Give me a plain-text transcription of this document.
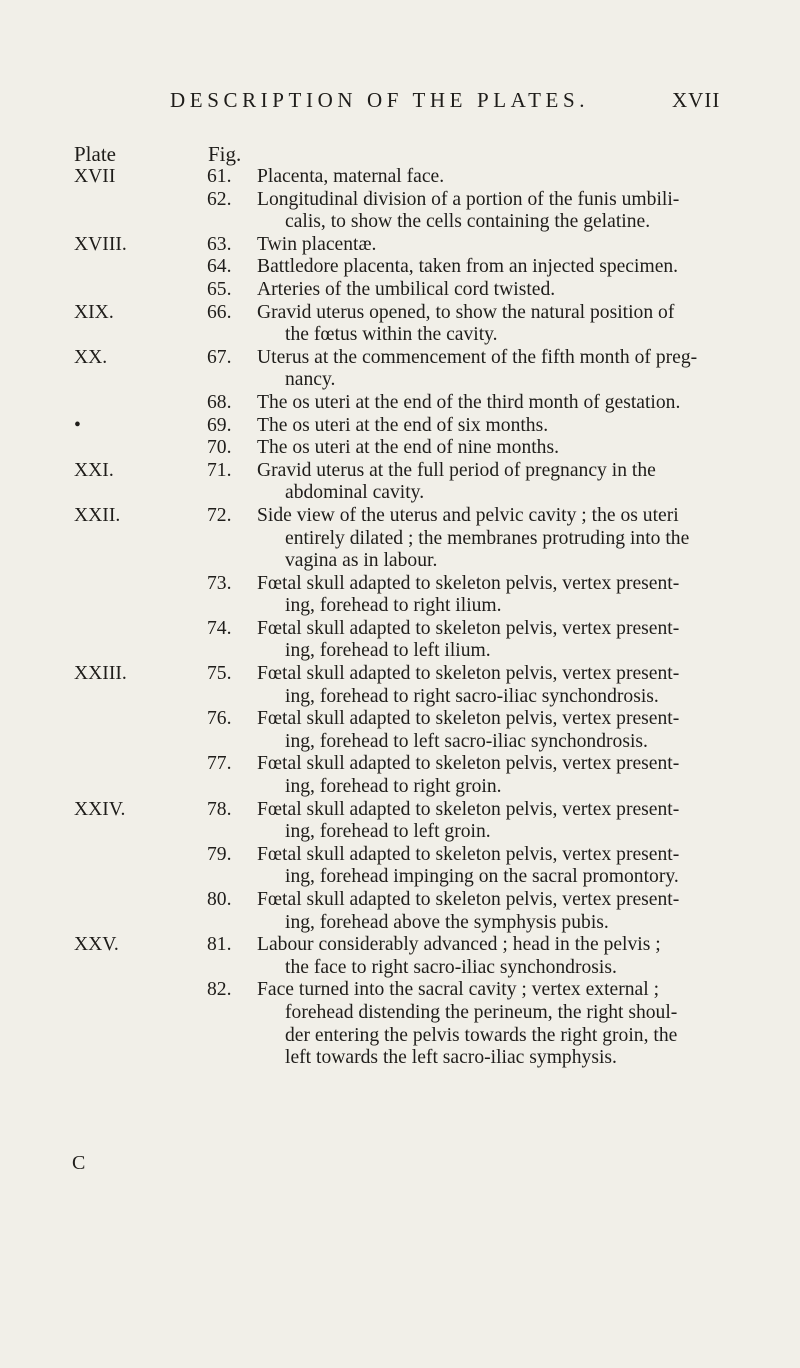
DESCRIPTION OF THE PLATES.	XVII
Plate	Fig.
XVII	61. Placenta, maternal face.
62. Longitudinal division of a portion of the funis umbili-
calis, to show the cells containing the gelatine.
XVIII.	63. Twin placentæ.
64. Battledore placenta, taken from an injected specimen.
65. Arteries of the umbilical cord twisted.
XIX.	66. Gravid uterus opened, to show the natural position of
the fœtus within the cavity.
XX.	67. Uterus at the commencement of the fifth month of preg-
nancy.
68. The os uteri at the end of the third month of gestation.
•	69. The os uteri at the end of six months.
70. The os uteri at the end of nine months.
XXI.	71. Gravid uterus at the full period of pregnancy in the
abdominal cavity.
XXII.	72. Side view of the uterus and pelvic cavity ; the os uteri
entirely dilated ; the membranes protruding into the
vagina as in labour.
73. Fœtal skull adapted to skeleton pelvis, vertex present-
ing, forehead to right ilium.
74. Fœtal skull adapted to skeleton pelvis, vertex present-
ing, forehead to left ilium.
XXIII.	75. Fœtal skull adapted to skeleton pelvis, vertex present-
ing, forehead to right sacro-iliac synchondrosis.
76. Fœtal skull adapted to skeleton pelvis, vertex present-
ing, forehead to left sacro-iliac synchondrosis.
77. Fœtal skull adapted to skeleton pelvis, vertex present-
ing, forehead to right groin.
XXIV.	78. Fœtal skull adapted to skeleton pelvis, vertex present-
ing, forehead to left groin.
79. Fœtal skull adapted to skeleton pelvis, vertex present-
ing, forehead impinging on the sacral promontory.
80. Fœtal skull adapted to skeleton pelvis, vertex present-
ing, forehead above the symphysis pubis.
XXV.	81. Labour considerably advanced ; head in the pelvis ;
the face to right sacro-iliac synchondrosis.
82. Face turned into the sacral cavity ; vertex external ;
forehead distending the perineum, the right shoul-
der entering the pelvis towards the right groin, the
left towards the left sacro-iliac symphysis.
C
